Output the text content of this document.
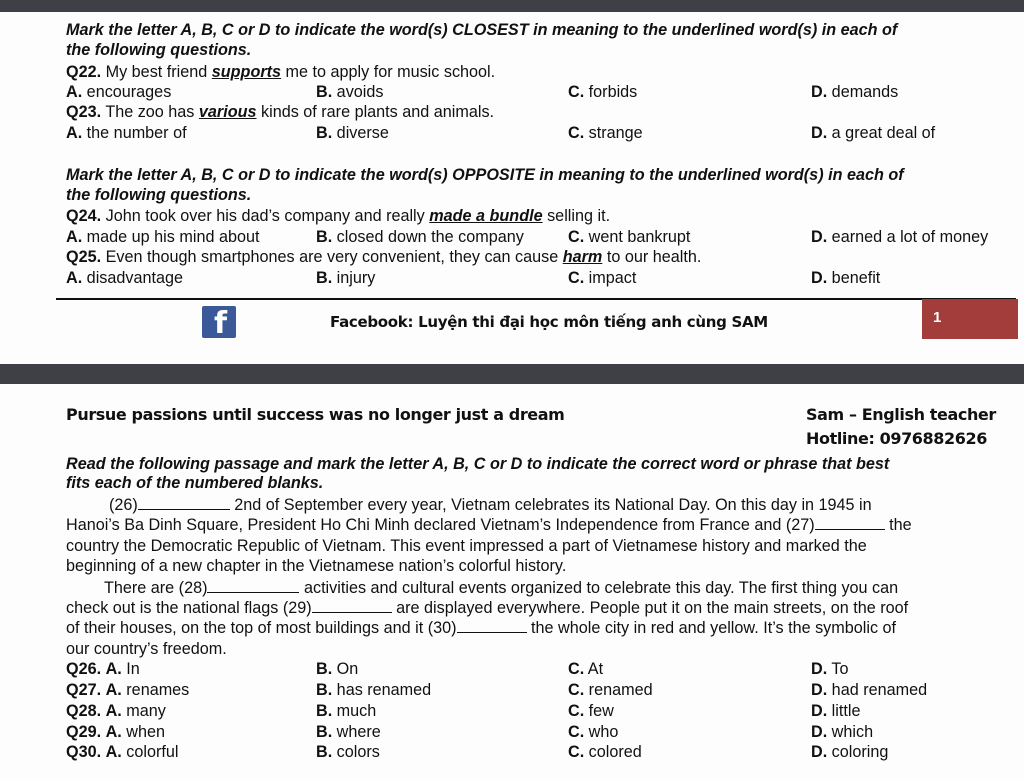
Mark the letter A, B, C or D to indicate the word(s) CLOSEST in meaning to the underlined word(s) in each of
the following questions.
Q22. My best friend supports me to apply for music school.
A. encourages	B. avoids	C. forbids	D. demands
Q23. The zoo has various kinds of rare plants and animals.
A. the number of	B. diverse	C. strange	D. a great deal of
Mark the letter A, B, C or D to indicate the word(s) OPPOSITE in meaning to the underlined word(s) in each of
the following questions.
Q24. John took over his dad’s company and really made a bundle selling it.
A. made up his mind about	B. closed down the company	C. went bankrupt	D. earned a lot of money
Q25. Even though smartphones are very convenient, they can cause harm to our health.
A. disadvantage	B. injury	C. impact	D. benefit
f	Facebook: Luyện thi đại học môn tiếng anh cùng SAM	1
Pursue passions until success was no longer just a dream	Sam – English teacher
Hotline: 0976882626
Read the following passage and mark the letter A, B, C or D to indicate the correct word or phrase that best
fits each of the numbered blanks.
(26)	2nd of September every year, Vietnam celebrates its National Day. On this day in 1945 in
Hanoi’s Ba Dinh Square, President Ho Chi Minh declared Vietnam’s Independence from France and (27)	the
country the Democratic Republic of Vietnam. This event impressed a part of Vietnamese history and marked the
beginning of a new chapter in the Vietnamese nation’s colorful history.
There are (28)	activities and cultural events organized to celebrate this day. The first thing you can
check out is the national flags (29)	are displayed everywhere. People put it on the main streets, on the roof
of their houses, on the top of most buildings and it (30)	the whole city in red and yellow. It’s the symbolic of
our country’s freedom.
Q26. A. In	B. On	C. At	D. To
Q27. A. renames	B. has renamed	C. renamed	D. had renamed
Q28. A. many	B. much	C. few	D. little
Q29. A. when	B. where	C. who	D. which
Q30. A. colorful	B. colors	C. colored	D. coloring
